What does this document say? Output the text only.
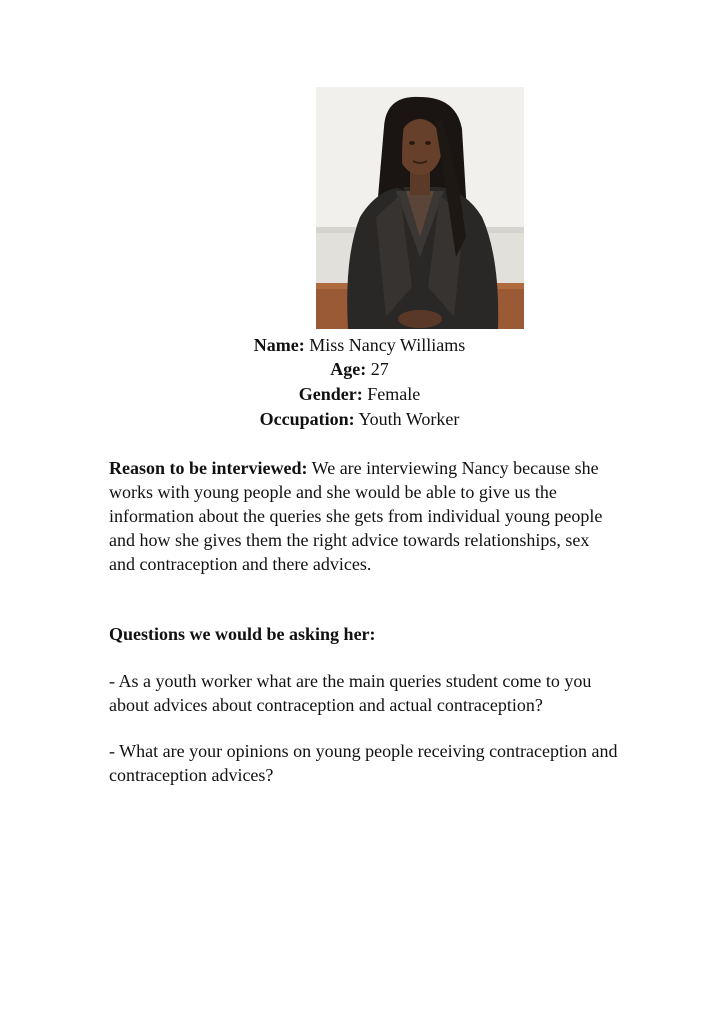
Name: Miss Nancy Williams
Age: 27
Gender: Female
Occupation: Youth Worker
Reason to be interviewed: We are interviewing Nancy because she works with young people and she would be able to give us the information about the queries she gets from individual young people and how she gives them the right advice towards relationships, sex and contraception and there advices.
Questions we would be asking her:
- As a youth worker what are the main queries student come to you about advices about contraception and actual contraception?
- What are your opinions on young people receiving contraception and contraception advices?
